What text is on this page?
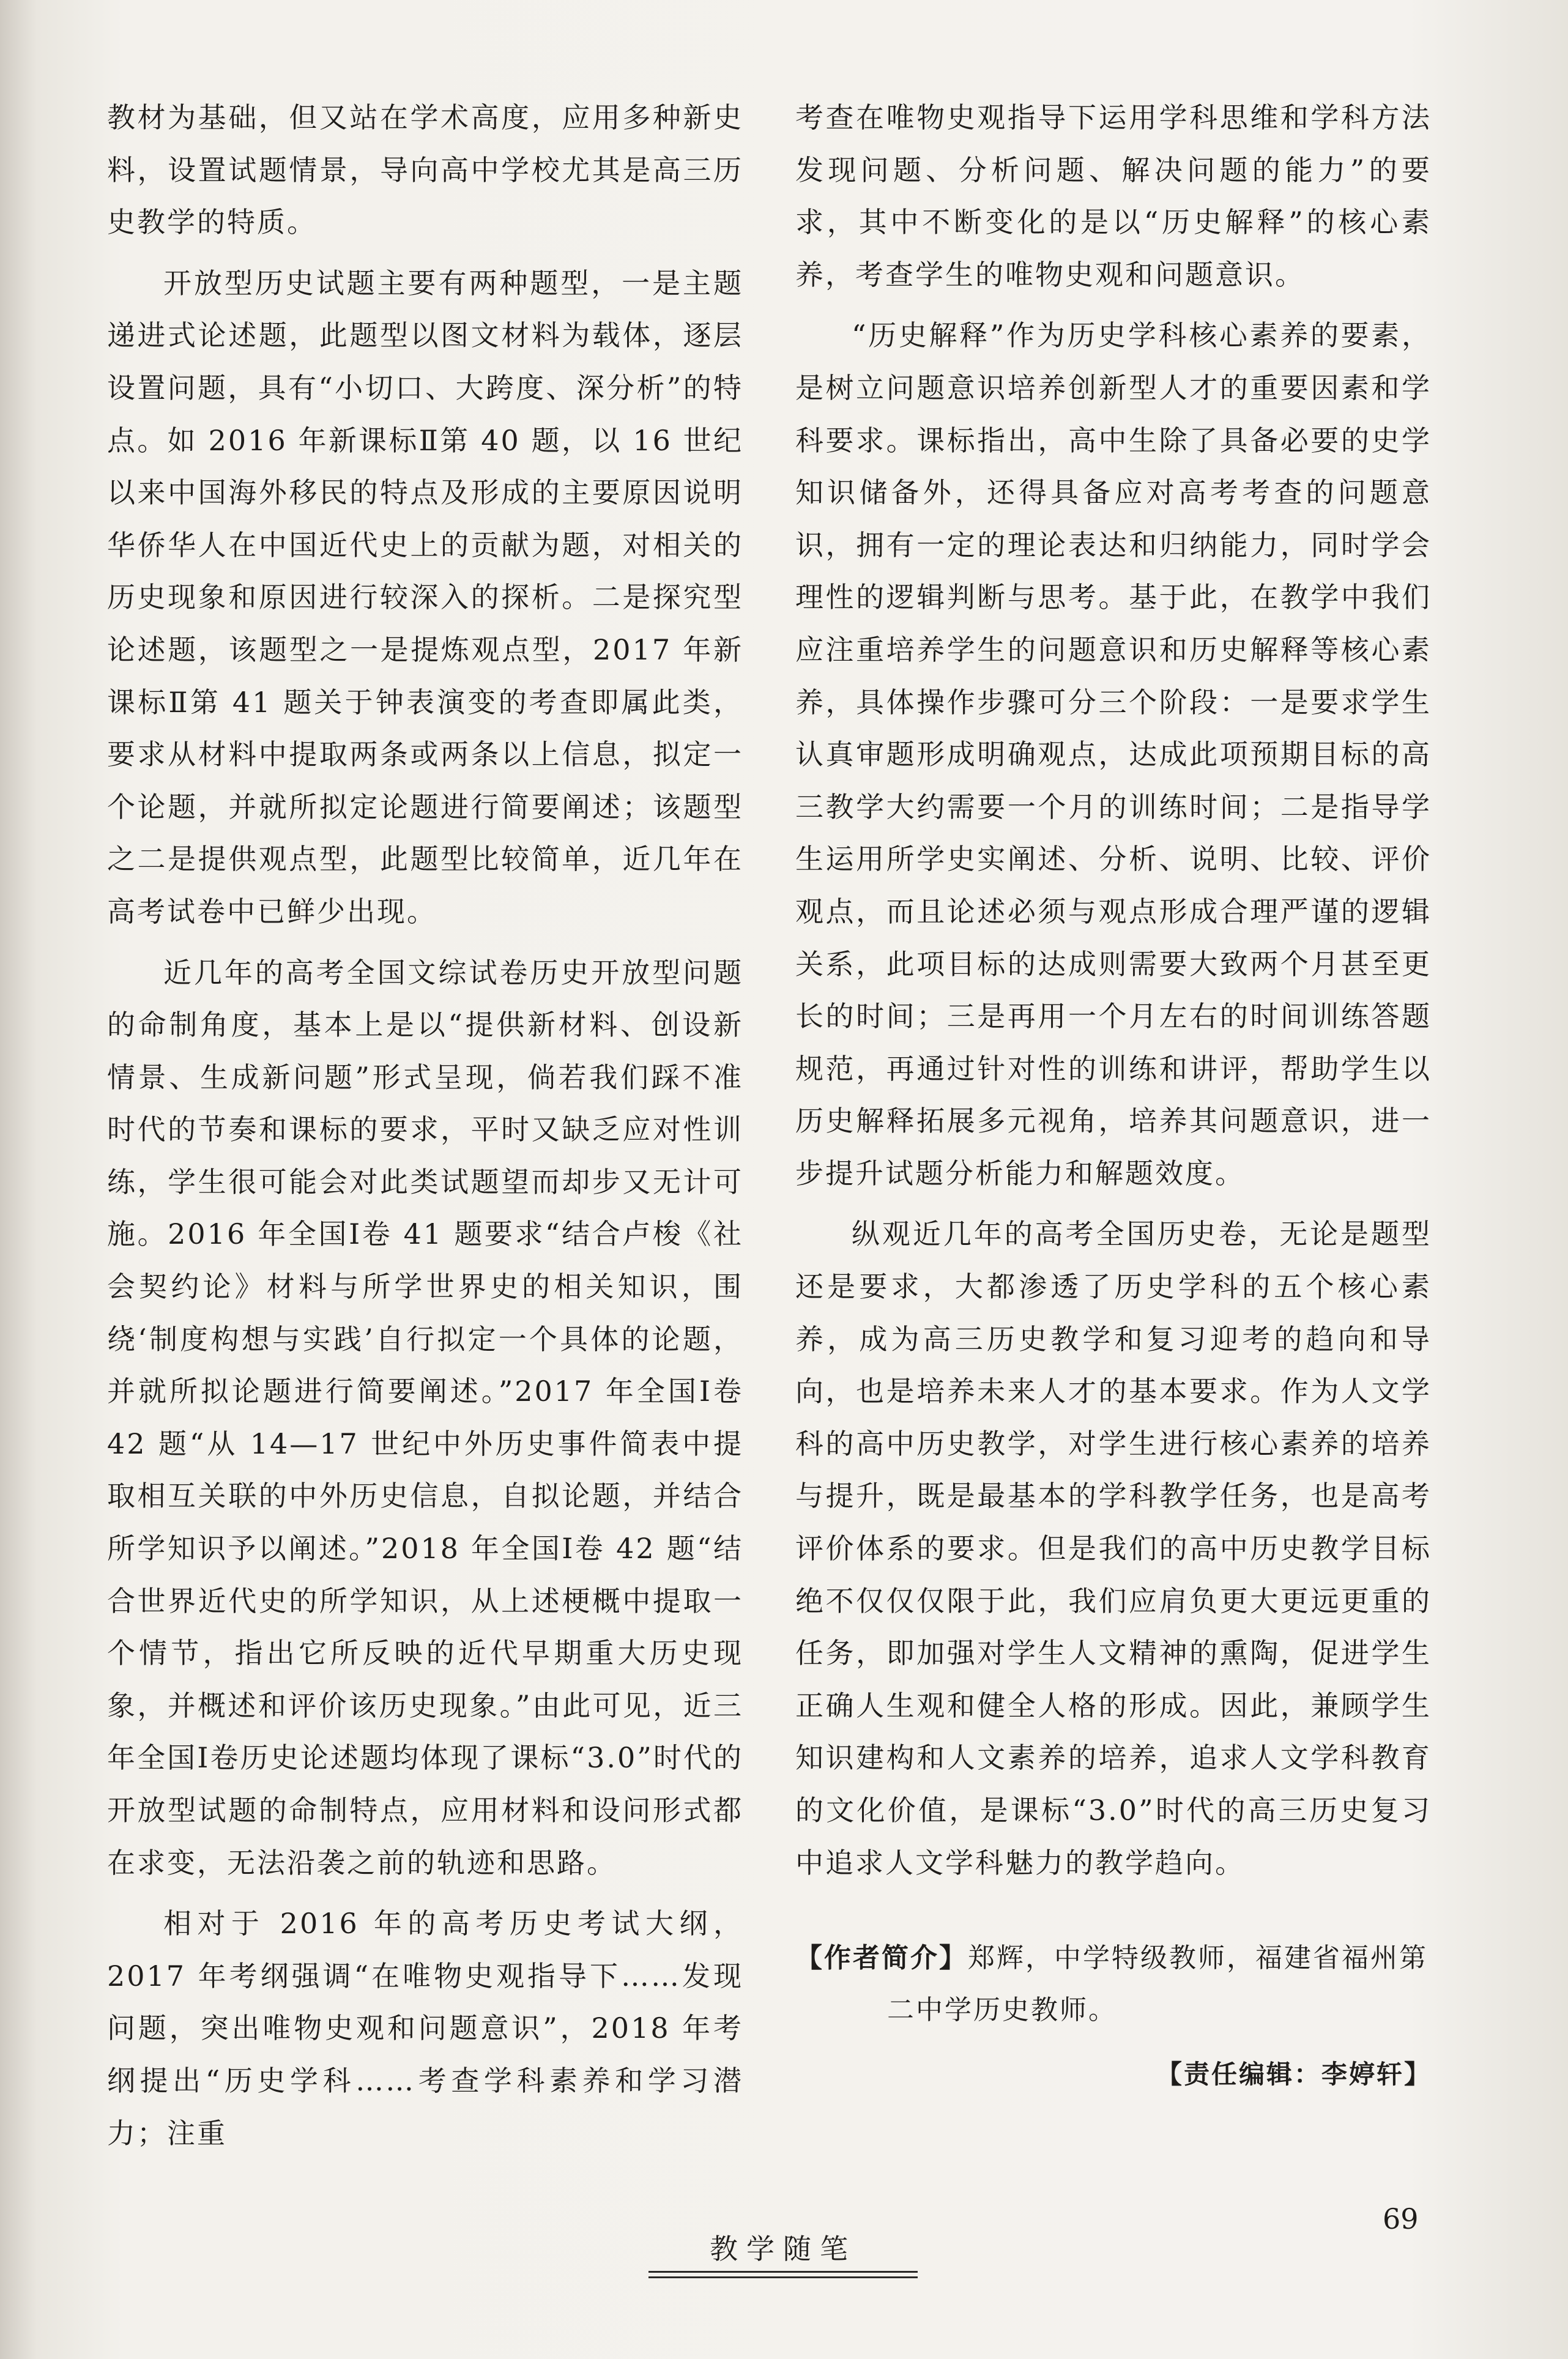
教材为基础，但又站在学术高度，应用多种新史料，设置试题情景，导向高中学校尤其是高三历史教学的特质。

开放型历史试题主要有两种题型，一是主题递进式论述题，此题型以图文材料为载体，逐层设置问题，具有“小切口、大跨度、深分析”的特点。如 2016 年新课标Ⅱ第 40 题，以 16 世纪以来中国海外移民的特点及形成的主要原因说明华侨华人在中国近代史上的贡献为题，对相关的历史现象和原因进行较深入的探析。二是探究型论述题，该题型之一是提炼观点型，2017 年新课标Ⅱ第 41 题关于钟表演变的考查即属此类，要求从材料中提取两条或两条以上信息，拟定一个论题，并就所拟定论题进行简要阐述；该题型之二是提供观点型，此题型比较简单，近几年在高考试卷中已鲜少出现。

近几年的高考全国文综试卷历史开放型问题的命制角度，基本上是以“提供新材料、创设新情景、生成新问题”形式呈现，倘若我们踩不准时代的节奏和课标的要求，平时又缺乏应对性训练，学生很可能会对此类试题望而却步又无计可施。2016 年全国Ⅰ卷 41 题要求“结合卢梭《社会契约论》材料与所学世界史的相关知识，围绕‘制度构想与实践’自行拟定一个具体的论题，并就所拟论题进行简要阐述。”2017 年全国Ⅰ卷 42 题“从 14—17 世纪中外历史事件简表中提取相互关联的中外历史信息，自拟论题，并结合所学知识予以阐述。”2018 年全国Ⅰ卷 42 题“结合世界近代史的所学知识，从上述梗概中提取一个情节，指出它所反映的近代早期重大历史现象，并概述和评价该历史现象。”由此可见，近三年全国Ⅰ卷历史论述题均体现了课标“3.0”时代的开放型试题的命制特点，应用材料和设问形式都在求变，无法沿袭之前的轨迹和思路。

相对于 2016 年的高考历史考试大纲，2017 年考纲强调“在唯物史观指导下……发现问题，突出唯物史观和问题意识”，2018 年考纲提出“历史学科……考查学科素养和学习潜力；注重

考查在唯物史观指导下运用学科思维和学科方法发现问题、分析问题、解决问题的能力”的要求，其中不断变化的是以“历史解释”的核心素养，考查学生的唯物史观和问题意识。

“历史解释”作为历史学科核心素养的要素，是树立问题意识培养创新型人才的重要因素和学科要求。课标指出，高中生除了具备必要的史学知识储备外，还得具备应对高考考查的问题意识，拥有一定的理论表达和归纳能力，同时学会理性的逻辑判断与思考。基于此，在教学中我们应注重培养学生的问题意识和历史解释等核心素养，具体操作步骤可分三个阶段：一是要求学生认真审题形成明确观点，达成此项预期目标的高三教学大约需要一个月的训练时间；二是指导学生运用所学史实阐述、分析、说明、比较、评价观点，而且论述必须与观点形成合理严谨的逻辑关系，此项目标的达成则需要大致两个月甚至更长的时间；三是再用一个月左右的时间训练答题规范，再通过针对性的训练和讲评，帮助学生以历史解释拓展多元视角，培养其问题意识，进一步提升试题分析能力和解题效度。

纵观近几年的高考全国历史卷，无论是题型还是要求，大都渗透了历史学科的五个核心素养，成为高三历史教学和复习迎考的趋向和导向，也是培养未来人才的基本要求。作为人文学科的高中历史教学，对学生进行核心素养的培养与提升，既是最基本的学科教学任务，也是高考评价体系的要求。但是我们的高中历史教学目标绝不仅仅仅限于此，我们应肩负更大更远更重的任务，即加强对学生人文精神的熏陶，促进学生正确人生观和健全人格的形成。因此，兼顾学生知识建构和人文素养的培养，追求人文学科教育的文化价值，是课标“3.0”时代的高三历史复习中追求人文学科魅力的教学趋向。

【作者简介】郑辉，中学特级教师，福建省福州第
二中学历史教师。
【责任编辑：李婷轩】
教学随笔
69
